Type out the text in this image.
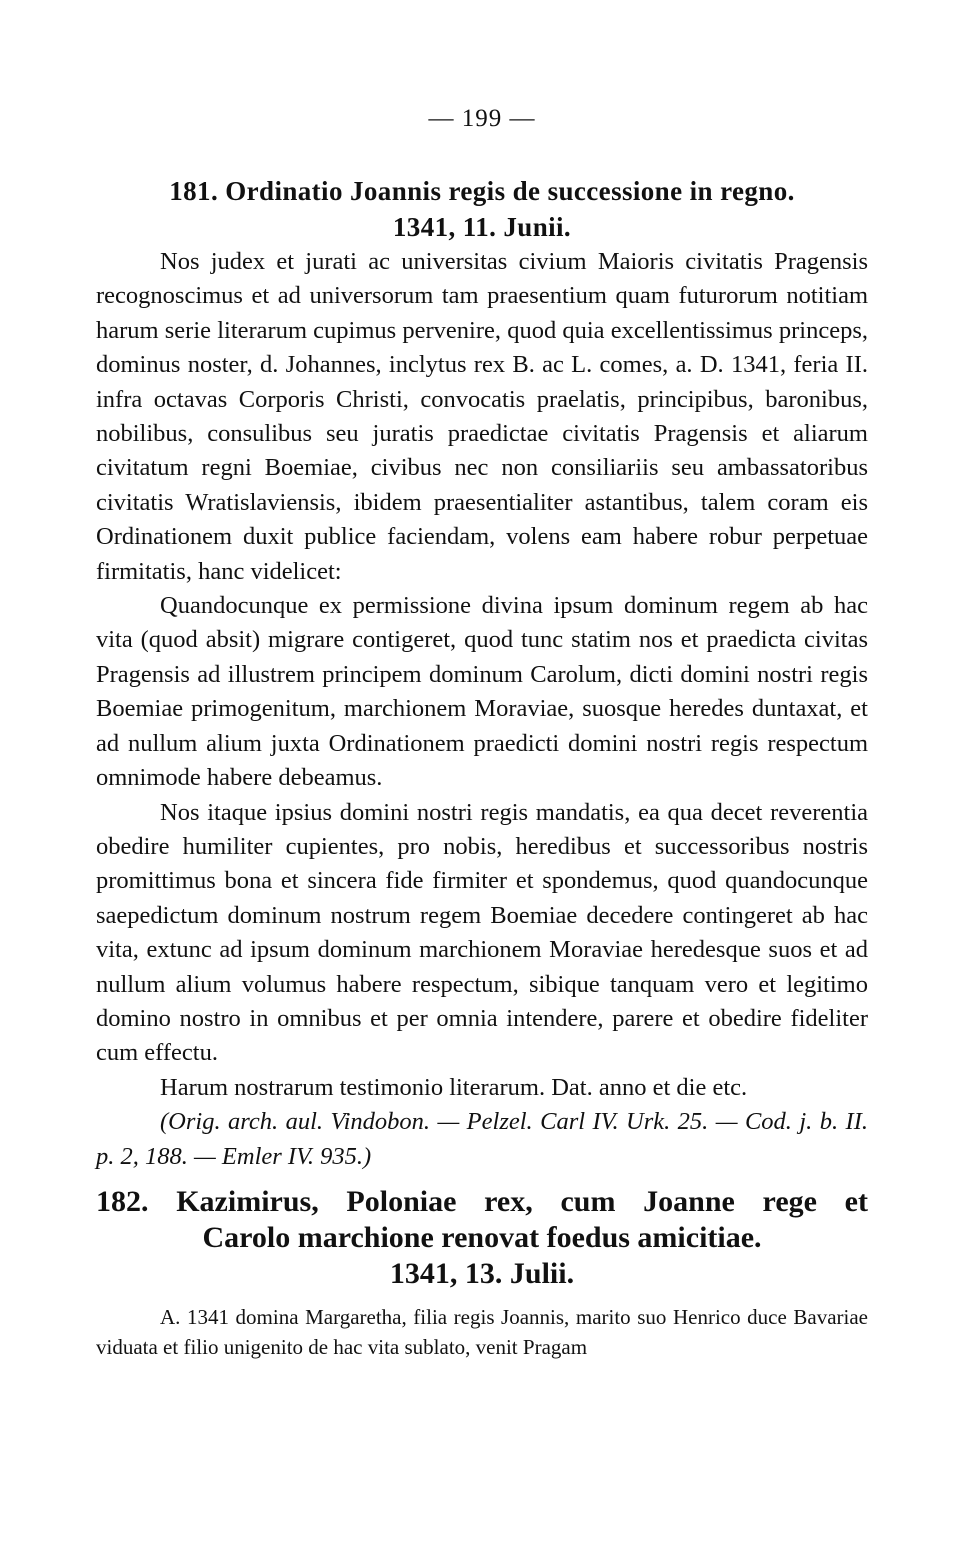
— 199 —
181. Ordinatio Joannis regis de successione in regno.
1341, 11. Junii.

Nos judex et jurati ac universitas civium Maioris civitatis Pragensis recognoscimus et ad universorum tam praesentium quam futurorum notitiam harum serie literarum cupimus pervenire, quod quia excellentissimus princeps, dominus noster, d. Johannes, inclytus rex B. ac L. comes, a. D. 1341, feria II. infra octavas Corporis Christi, convocatis praelatis, principibus, baronibus, nobilibus, consulibus seu juratis praedictae civitatis Pragensis et aliarum civitatum regni Boemiae, civibus nec non consiliariis seu ambassatoribus civitatis Wratislaviensis, ibidem praesentialiter astantibus, talem coram eis Ordinationem duxit publice faciendam, volens eam habere robur perpetuae firmitatis, hanc videlicet:

Quandocunque ex permissione divina ipsum dominum regem ab hac vita (quod absit) migrare contigeret, quod tunc statim nos et praedicta civitas Pragensis ad illustrem principem dominum Carolum, dicti domini nostri regis Boemiae primogenitum, marchionem Moraviae, suosque heredes duntaxat, et ad nullum alium juxta Ordinationem praedicti domini nostri regis respectum omnimode habere debeamus.

Nos itaque ipsius domini nostri regis mandatis, ea qua decet reverentia obedire humiliter cupientes, pro nobis, heredibus et successoribus nostris promittimus bona et sincera fide firmiter et spondemus, quod quandocunque saepedictum dominum nostrum regem Boemiae decedere contingeret ab hac vita, extunc ad ipsum dominum marchionem Moraviae heredesque suos et ad nullum alium volumus habere respectum, sibique tanquam vero et legitimo domino nostro in omnibus et per omnia intendere, parere et obedire fideliter cum effectu.

Harum nostrarum testimonio literarum. Dat. anno et die etc.

(Orig. arch. aul. Vindobon. — Pelzel. Carl IV. Urk. 25. — Cod. j. b. II. p. 2, 188. — Emler IV. 935.)

182. Kazimirus, Poloniae rex, cum Joanne rege et
Carolo marchione renovat foedus amicitiae.
1341, 13. Julii.

A. 1341 domina Margaretha, filia regis Joannis, marito suo Henrico duce Bavariae viduata et filio unigenito de hac vita sublato, venit Pragam
